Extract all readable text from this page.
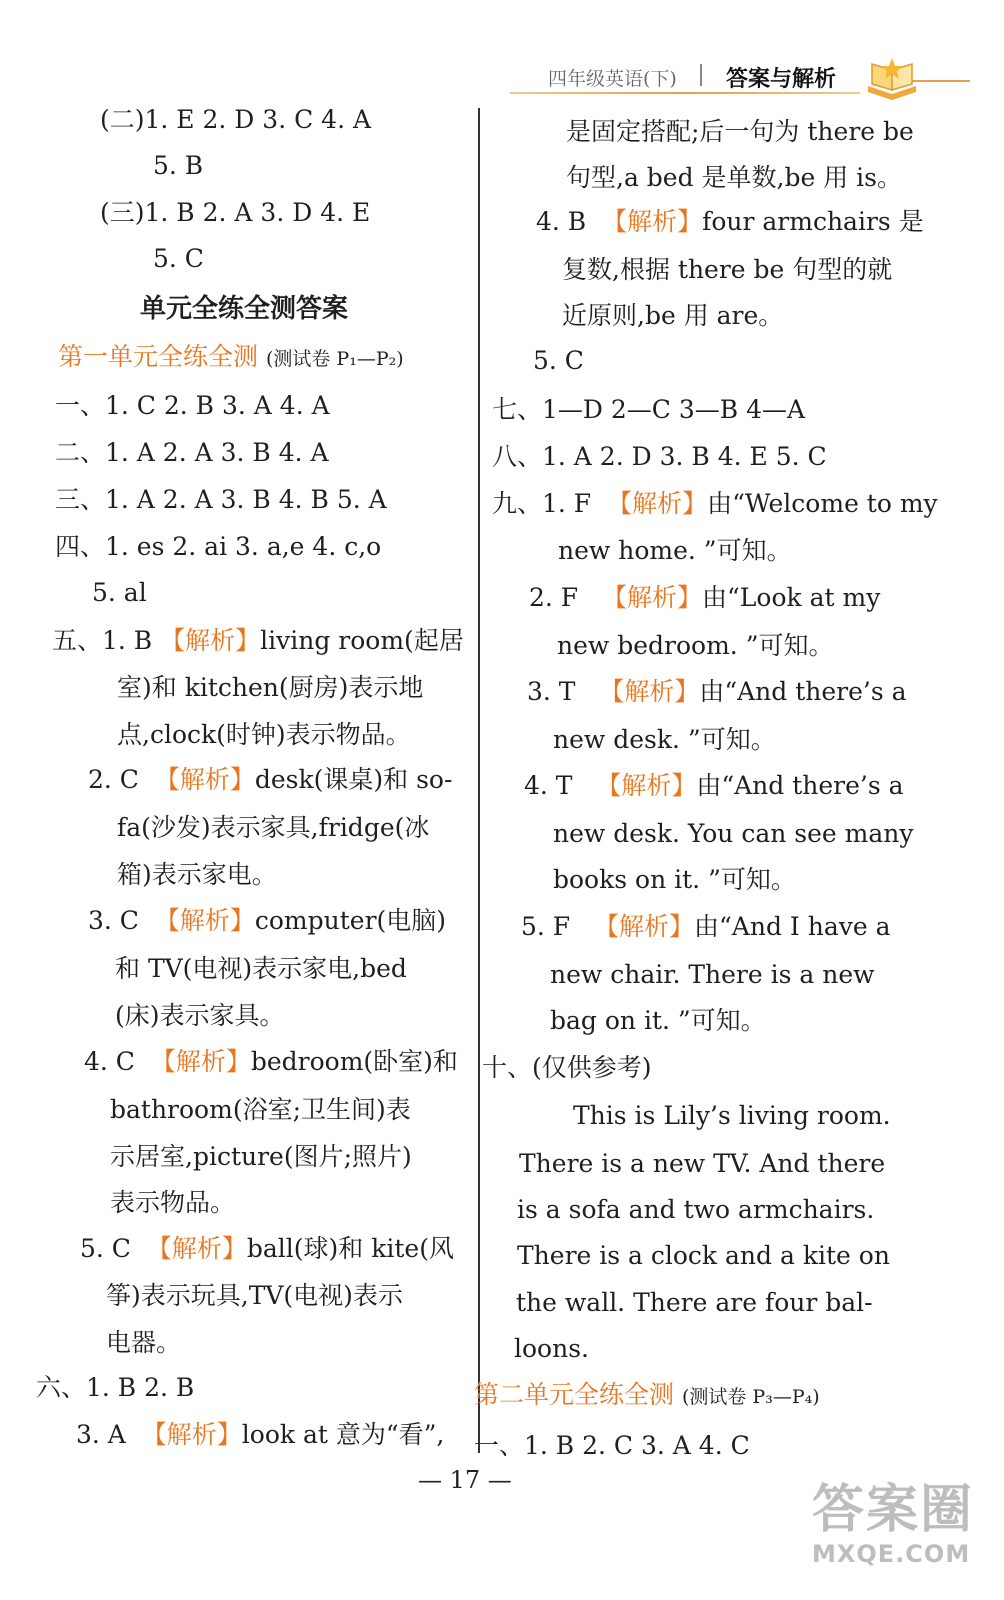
四年级英语(下) 答案与解析
(二)1. E 2. D 3. C 4. A
5. B
(三)1. B 2. A 3. D 4. E
5. C
单元全练全测答案
第一单元全练全测 (测试卷 P₁—P₂)
一、1. C 2. B 3. A 4. A
二、1. A 2. A 3. B 4. A
三、1. A 2. A 3. B 4. B 5. A
四、1. es 2. ai 3. a,e 4. c,o
5. al
五、1. B 【解析】living room(起居
室)和 kitchen(厨房)表示地
点,clock(时钟)表示物品。
2. C 【解析】desk(课桌)和 so-
fa(沙发)表示家具,fridge(冰
箱)表示家电。
3. C 【解析】computer(电脑)
和 TV(电视)表示家电,bed
(床)表示家具。
4. C 【解析】bedroom(卧室)和
bathroom(浴室;卫生间)表
示居室,picture(图片;照片)
表示物品。
5. C 【解析】ball(球)和 kite(风
筝)表示玩具,TV(电视)表示
电器。
六、1. B 2. B
3. A 【解析】look at 意为“看”,
是固定搭配;后一句为 there be
句型,a bed 是单数,be 用 is。
4. B 【解析】four armchairs 是
复数,根据 there be 句型的就
近原则,be 用 are。
5. C
七、1—D 2—C 3—B 4—A
八、1. A 2. D 3. B 4. E 5. C
九、1. F 【解析】由“Welcome to my
new home. ”可知。
2. F 【解析】由“Look at my
new bedroom. ”可知。
3. T 【解析】由“And there’s a
new desk. ”可知。
4. T 【解析】由“And there’s a
new desk. You can see many
books on it. ”可知。
5. F 【解析】由“And I have a
new chair. There is a new
bag on it. ”可知。
十、(仅供参考)
This is Lily’s living room.
There is a new TV. And there
is a sofa and two armchairs.
There is a clock and a kite on
the wall. There are four bal-
loons.
第二单元全练全测 (测试卷 P₃—P₄)
一、1. B 2. C 3. A 4. C
— 17 —	答案圈
MXQE.COM
